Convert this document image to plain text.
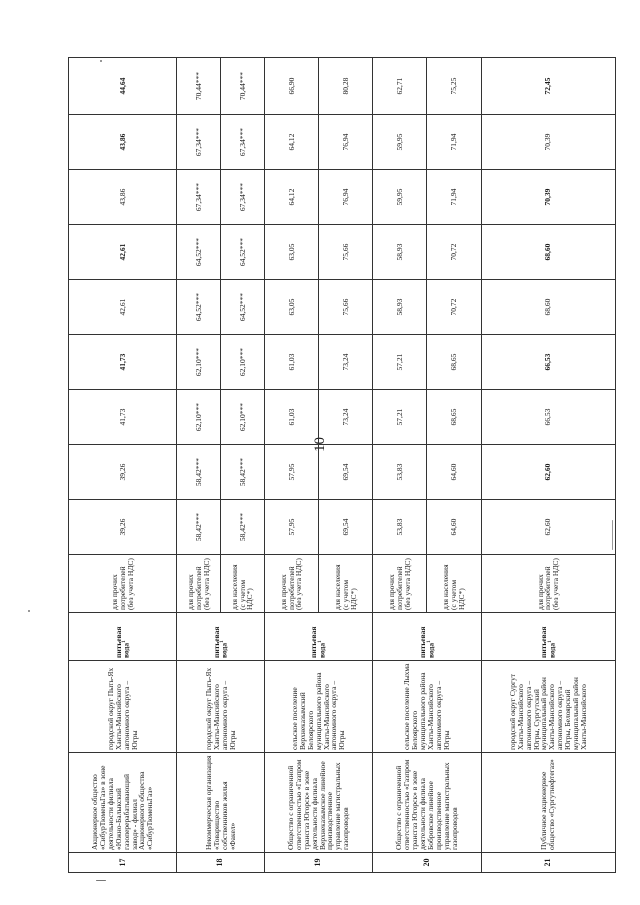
10
17	Акционерное общество «СибурТюменьГаз» в зоне деятельности филиала «Южно-Балыкский газоперерабатывающий завод» - филиал Акционерного общества «СибурТюменьГаз»	городской округ Пыть-Ях Ханты-Мансийского автономного округа – Югры	питьевая вода$^1$	для прочих потребителей (без учета НДС)	39,26	39,26	41,73	41,73	42,61	42,61	43,86	43,86	44,64
18	Некоммерческая организация «Товарищество собственников жилья «Факел»	городской округ Пыть-Ях Ханты-Мансийского автономного округа – Югры	питьевая вода$^1$	для прочих потребителей (без учета НДС)	58,42***	58,42***	62,10***	62,10***	64,52***	64,52***	67,34***	67,34***	70,44***
				для населения (с учетом НДС*)	58,42***	58,42***	62,10***	62,10***	64,52***	64,52***	67,34***	67,34***	70,44***
19	Общество с ограниченной ответственностью «Газпром трансгаз Югорск» в зоне деятельности филиала Верхнеказымское линейное производственное управление магистральных газопроводов	сельское поселение Верхнеказымский Белоярского муниципального района Ханты-Мансийского автономного округа – Югры	питьевая вода$^1$	для прочих потребителей (без учета НДС)	57,95	57,95	61,03	61,03	63,05	63,05	64,12	64,12	66,90
				для населения (с учетом НДС*)	69,54	69,54	73,24	73,24	75,66	75,66	76,94	76,94	80,28
20	Общество с ограниченной ответственностью «Газпром трансгаз Югорск» в зоне деятельности филиала Бобровское линейное производственное управление магистральных газопроводов	сельское поселение Лыхма Белоярского муниципального района Ханты-Мансийского автономного округа – Югры	питьевая вода$^1$	для прочих потребителей (без учета НДС)	53,83	53,83	57,21	57,21	58,93	58,93	59,95	59,95	62,71
				для населения (с учетом НДС*)	64,60	64,60	68,65	68,65	70,72	70,72	71,94	71,94	75,25
21	Публичное акционерное общество «Сургутнефтегаз»	городской округ Сургут Ханты-Мансийского автономного округа – Югры, Сургутский муниципальный район Ханты-Мансийского автономного округа – Югры, Белоярский муниципальный район Ханты-Мансийского	питьевая вода$^1$	для прочих потребителей (без учета НДС)	62,60	62,60	66,53	66,53	68,60	68,60	70,39	70,39	72,45
